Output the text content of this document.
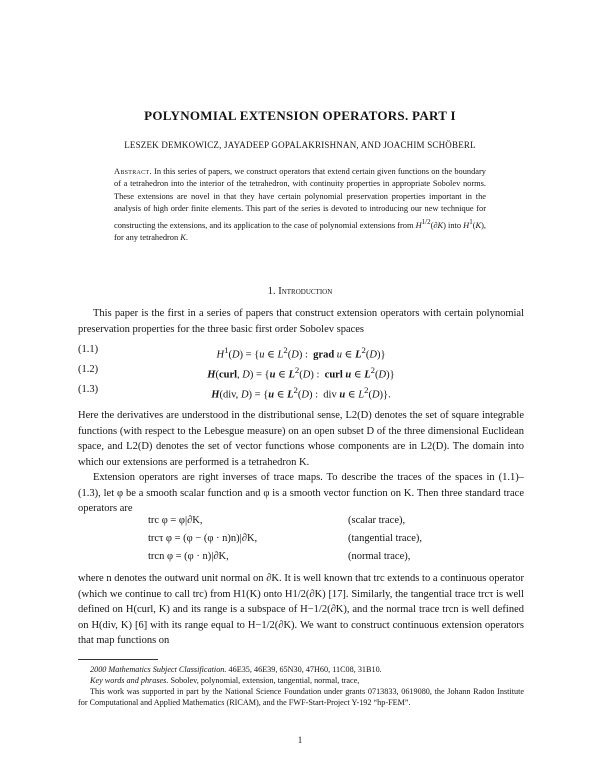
POLYNOMIAL EXTENSION OPERATORS. PART I
LESZEK DEMKOWICZ, JAYADEEP GOPALAKRISHNAN, AND JOACHIM SCHÖBERL
Abstract. In this series of papers, we construct operators that extend certain given functions on the boundary of a tetrahedron into the interior of the tetrahedron, with continuity properties in appropriate Sobolev norms. These extensions are novel in that they have certain polynomial preservation properties important in the analysis of high order finite elements. This part of the series is devoted to introducing our new technique for constructing the extensions, and its application to the case of polynomial extensions from $H^{1/2}(\partial K)$ into $H^1(K)$, for any tetrahedron K.
1. Introduction
This paper is the first in a series of papers that construct extension operators with certain polynomial preservation properties for the three basic first order Sobolev spaces
(1.1)	$H^1(D) = \{u$ ∈ $L^2(D)$ :  grad u ∈ $L^2(D)$}
(1.2)	H(curl, D) = {u ∈ $L^2(D)$ :  curl u ∈ $L^2(D)$}
(1.3)	H(div, D) = {u ∈ $L^2(D)$ :  div u ∈ $L^2(D)$}.
Here the derivatives are understood in the distributional sense, L2(D) denotes the set of square integrable functions (with respect to the Lebesgue measure) on an open subset D of the three dimensional Euclidean space, and L2(D) denotes the set of vector functions whose components are in L2(D). The domain into which our extensions are performed is a tetrahedron K.
Extension operators are right inverses of trace maps. To describe the traces of the spaces in (1.1)–(1.3), let φ be a smooth scalar function and φ is a smooth vector function on K. Then three standard trace operators are
trc φ = φ|∂K,	(scalar trace),
trcτ φ = (φ − (φ · n)n)|∂K,	(tangential trace),
trcn φ = (φ · n)|∂K,	(normal trace),
where n denotes the outward unit normal on ∂K. It is well known that trc extends to a continuous operator (which we continue to call trc) from H1(K) onto H1/2(∂K) [17]. Similarly, the tangential trace trcτ is well defined on H(curl, K) and its range is a subspace of H−1/2(∂K), and the normal trace trcn is well defined on H(div, K) [6] with its range equal to H−1/2(∂K). We want to construct continuous extension operators that map functions on
2000 Mathematics Subject Classification. 46E35, 46E39, 65N30, 47H60, 11C08, 31B10.
Key words and phrases. Sobolev, polynomial, extension, tangential, normal, trace,
This work was supported in part by the National Science Foundation under grants 0713833, 0619080, the Johann Radon Institute for Computational and Applied Mathematics (RICAM), and the FWF-Start-Project Y-192 “hp-FEM”.
1
